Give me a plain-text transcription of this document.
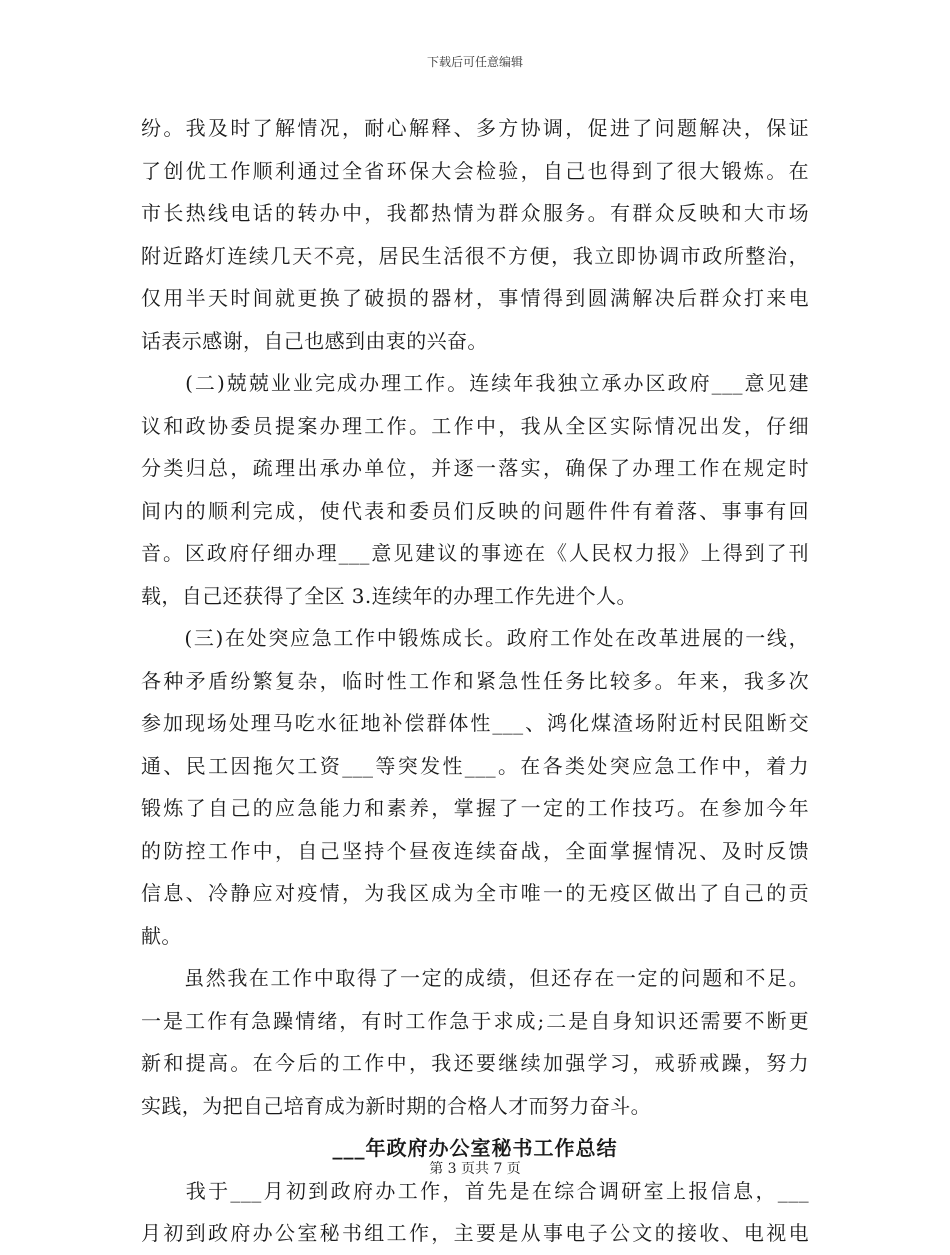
下载后可任意编辑
纷。我及时了解情况，耐心解释、多方协调，促进了问题解决，保证
了创优工作顺利通过全省环保大会检验，自己也得到了很大锻炼。在
市长热线电话的转办中，我都热情为群众服务。有群众反映和大市场
附近路灯连续几天不亮，居民生活很不方便，我立即协调市政所整治，
仅用半天时间就更换了破损的器材，事情得到圆满解决后群众打来电
话表示感谢，自己也感到由衷的兴奋。
　　(二)兢兢业业完成办理工作。连续年我独立承办区政府___意见建
议和政协委员提案办理工作。工作中，我从全区实际情况出发，仔细
分类归总，疏理出承办单位，并逐一落实，确保了办理工作在规定时
间内的顺利完成，使代表和委员们反映的问题件件有着落、事事有回
音。区政府仔细办理___意见建议的事迹在《人民权力报》上得到了刊
载，自己还获得了全区 3.连续年的办理工作先进个人。
　　(三)在处突应急工作中锻炼成长。政府工作处在改革进展的一线，
各种矛盾纷繁复杂，临时性工作和紧急性任务比较多。年来，我多次
参加现场处理马吃水征地补偿群体性___、鸿化煤渣场附近村民阻断交
通、民工因拖欠工资___等突发性___。在各类处突应急工作中，着力
锻炼了自己的应急能力和素养，掌握了一定的工作技巧。在参加今年
的防控工作中，自己坚持个昼夜连续奋战，全面掌握情况、及时反馈
信息、冷静应对疫情，为我区成为全市唯一的无疫区做出了自己的贡
献。
　　虽然我在工作中取得了一定的成绩，但还存在一定的问题和不足。
一是工作有急躁情绪，有时工作急于求成;二是自身知识还需要不断更
新和提高。在今后的工作中，我还要继续加强学习，戒骄戒躁，努力
实践，为把自己培育成为新时期的合格人才而努力奋斗。
___年政府办公室秘书工作总结
　　我于___月初到政府办工作，首先是在综合调研室上报信息，___
月初到政府办公室秘书组工作，主要是从事电子公文的接收、电视电
第 3 页共 7 页
